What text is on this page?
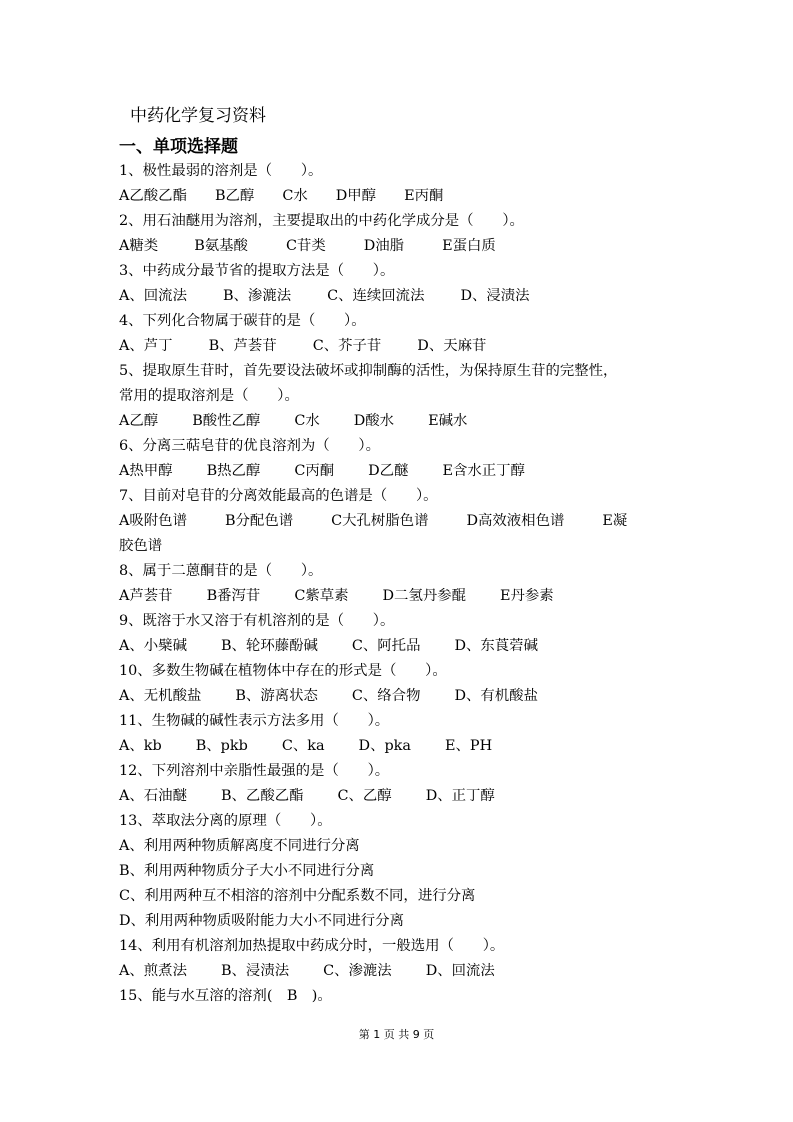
中药化学复习资料
一、单项选择题
1、极性最弱的溶剂是（　　）。
A乙酸乙酯 B乙醇 C水 D甲醇 E丙酮
2、用石油醚用为溶剂，主要提取出的中药化学成分是（　　）。
A糖类	B氨基酸	C苷类	D油脂	E蛋白质
3、中药成分最节省的提取方法是（　　）。
A、回流法	B、渗漉法	C、连续回流法	D、浸渍法
4、下列化合物属于碳苷的是（　　）。
A、芦丁	B、芦荟苷	C、芥子苷	D、天麻苷
5、提取原生苷时，首先要设法破坏或抑制酶的活性，为保持原生苷的完整性，
常用的提取溶剂是（　　）。
A乙醇 B酸性乙醇 C水 D酸水 E碱水
6、分离三萜皂苷的优良溶剂为（　　）。
A热甲醇 B热乙醇 C丙酮 D乙醚 E含水正丁醇
7、目前对皂苷的分离效能最高的色谱是（　　）。
A吸附色谱	B分配色谱	C大孔树脂色谱	D高效液相色谱	E凝
胶色谱
8、属于二蒽酮苷的是（　　）。
A芦荟苷 B番泻苷 C紫草素 D二氢丹参醌 E丹参素
9、既溶于水又溶于有机溶剂的是（　　）。
A、小檗碱 B、轮环藤酚碱 C、阿托品 D、东莨菪碱
10、多数生物碱在植物体中存在的形式是（　　）。
A、无机酸盐 B、游离状态 C、络合物 D、有机酸盐
11、生物碱的碱性表示方法多用（　　）。
A、kb B、pkb C、ka D、pka E、PH
12、下列溶剂中亲脂性最强的是（　　）。
A、石油醚 B、乙酸乙酯 C、乙醇 D、正丁醇
13、萃取法分离的原理（　　）。
A、利用两种物质解离度不同进行分离
B、利用两种物质分子大小不同进行分离
C、利用两种互不相溶的溶剂中分配系数不同，进行分离
D、利用两种物质吸附能力大小不同进行分离
14、利用有机溶剂加热提取中药成分时，一般选用（　　）。
A、煎煮法 B、浸渍法 C、渗漉法 D、回流法
15、能与水互溶的溶剂(　B　)。
第 1 页 共 9 页
